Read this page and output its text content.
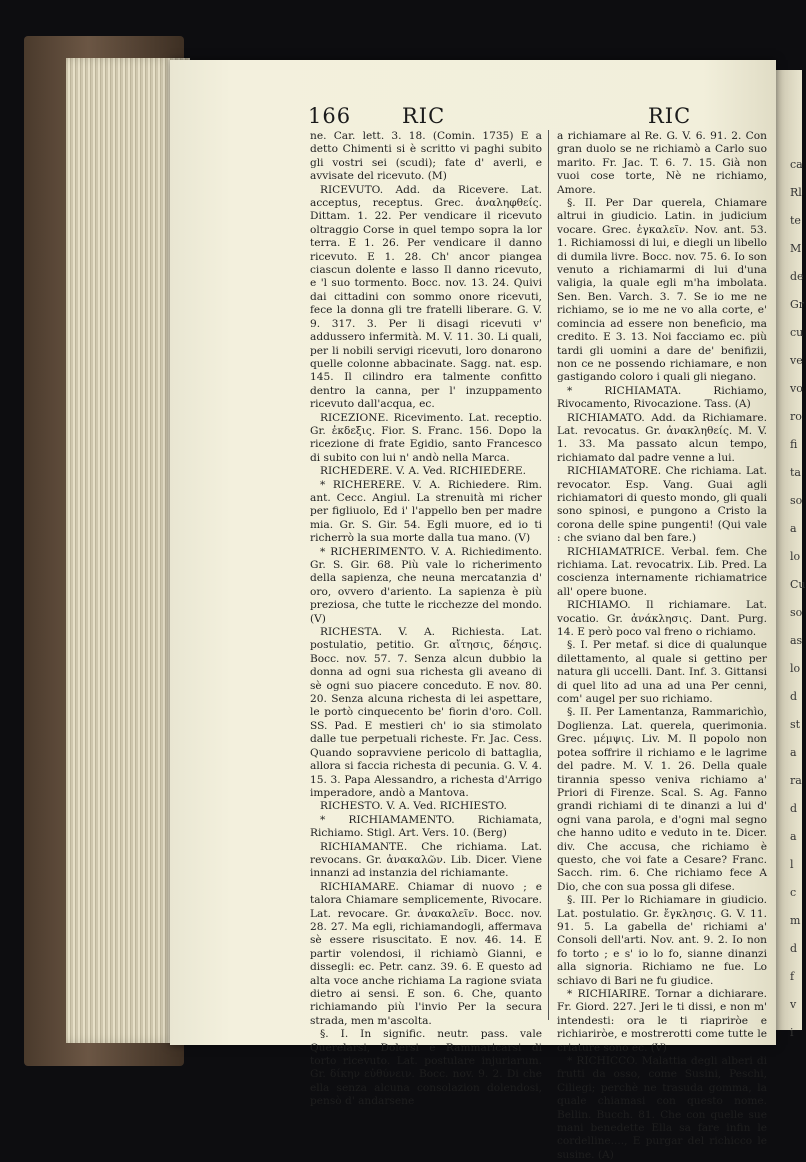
ca
Rl
te
M
de
Gr
cu
ve
vo
ro
fi
ta
so
a
lo
Cu
so
as
lo
d
st
a
ra
d
a
l
c
m
d
f
v
i
166 RIC	RIC

ne. Car. lett. 3. 18. (Comin. 1735) E a detto Chimenti si è scritto vi paghi subito gli vostri sei (scudi); fate d' averli, e avvisate del ricevuto. (M)

RICEVUTO. Add. da Ricevere. Lat. acceptus, receptus. Grec. ἀναληφθείς. Dittam. 1. 22. Per vendicare il ricevuto oltraggio Corse in quel tempo sopra la lor terra. E 1. 26. Per vendicare il danno ricevuto. E 1. 28. Ch' ancor piangea ciascun dolente e lasso Il danno ricevuto, e 'l suo tormento. Bocc. nov. 13. 24. Quivi dai cittadini con sommo onore ricevuti, fece la donna gli tre fratelli liberare. G. V. 9. 317. 3. Per li disagi ricevuti v' addussero infermità. M. V. 11. 30. Li quali, per li nobili servigi ricevuti, loro donarono quelle colonne abbacinate. Sagg. nat. esp. 145. Il cilindro era talmente confitto dentro la canna, per l' inzuppamento ricevuto dall'acqua, ec.

RICEZIONE. Ricevimento. Lat. receptio. Gr. ἐκδεξις. Fior. S. Franc. 156. Dopo la ricezione di frate Egidio, santo Francesco di subito con lui n' andò nella Marca.

RICHEDERE. V. A. Ved. RICHIEDERE.

* RICHERERE. V. A. Richiedere. Rim. ant. Cecc. Angiul. La strenuità mi richer per figliuolo, Ed i' l'appello ben per madre mia. Gr. S. Gir. 54. Egli muore, ed io ti richerrò la sua morte dalla tua mano. (V)

* RICHERIMENTO. V. A. Richiedimento. Gr. S. Gir. 68. Più vale lo richerimento della sapienza, che neuna mercatanzia d' oro, ovvero d'ariento. La sapienza è più preziosa, che tutte le ricchezze del mondo. (V)

RICHESTA. V. A. Richiesta. Lat. postulatio, petitio. Gr. αἴτησις, δέησις. Bocc. nov. 57. 7. Senza alcun dubbio la donna ad ogni sua richesta gli aveano di sè ogni suo piacere conceduto. E nov. 80. 20. Senza alcuna richesta di lei aspettare, le portò cinquecento be' fiorin d'oro. Coll. SS. Pad. E mestieri ch' io sia stimolato dalle tue perpetuali richeste. Fr. Jac. Cess. Quando sopravviene pericolo di battaglia, allora si faccia richesta di pecunia. G. V. 4. 15. 3. Papa Alessandro, a richesta d'Arrigo imperadore, andò a Mantova.

RICHESTO. V. A. Ved. RICHIESTO.

* RICHIAMAMENTO. Richiamata, Richiamo. Stigl. Art. Vers. 10. (Berg)

RICHIAMANTE. Che richiama. Lat. revocans. Gr. ἀνακαλῶν. Lib. Dicer. Viene innanzi ad instanzia del richiamante.

RICHIAMARE. Chiamar di nuovo ; e talora Chiamare semplicemente, Rivocare. Lat. revocare. Gr. ἀνακαλεῖν. Bocc. nov. 28. 27. Ma egli, richiamandogli, affermava sè essere risuscitato. E nov. 46. 14. E partir volendosi, il richiamò Gianni, e dissegli: ec. Petr. canz. 39. 6. E questo ad alta voce anche richiama La ragione sviata dietro ai sensi. E son. 6. Che, quanto richiamando più l'invio Per la secura strada, men m'ascolta.

§. I. In signific. neutr. pass. vale Querelarsi, Dolersi e Rammaricarsi di torto ricevuto. Lat. postulare injuriarum. Gr. δίκην εὐθύνειν. Bocc. nov. 9. 2. Di che ella senza alcuna consolazion dolendosi, pensò d' andarsene

a richiamare al Re. G. V. 6. 91. 2. Con gran duolo se ne richiamò a Carlo suo marito. Fr. Jac. T. 6. 7. 15. Già non vuoi cose torte, Nè ne richiamo, Amore.

§. II. Per Dar querela, Chiamare altrui in giudicio. Latin. in judicium vocare. Grec. ἐγκαλεῖν. Nov. ant. 53. 1. Richiamossi di lui, e diegli un libello di dumila livre. Bocc. nov. 75. 6. Io son venuto a richiamarmi di lui d'una valigia, la quale egli m'ha imbolata. Sen. Ben. Varch. 3. 7. Se io me ne richiamo, se io me ne vo alla corte, e' comincia ad essere non beneficio, ma credito. E 3. 13. Noi facciamo ec. più tardi gli uomini a dare de' benifizii, non ce ne possendo richiamare, e non gastigando coloro i quali gli niegano.

* RICHIAMATA. Richiamo, Rivocamento, Rivocazione. Tass. (A)

RICHIAMATO. Add. da Richiamare. Lat. revocatus. Gr. ἀνακληθείς. M. V. 1. 33. Ma passato alcun tempo, richiamato dal padre venne a lui.

RICHIAMATORE. Che richiama. Lat. revocator. Esp. Vang. Guai agli richiamatori di questo mondo, gli quali sono spinosi, e pungono a Cristo la corona delle spine pungenti! (Qui vale : che sviano dal ben fare.)

RICHIAMATRICE. Verbal. fem. Che richiama. Lat. revocatrix. Lib. Pred. La coscienza internamente richiamatrice all' opere buone.

RICHIAMO. Il richiamare. Lat. vocatio. Gr. ἀνάκλησις. Dant. Purg. 14. E però poco val freno o richiamo.

§. I. Per metaf. si dice di qualunque dilettamento, al quale si gettino per natura gli uccelli. Dant. Inf. 3. Gittansi di quel lito ad una ad una Per cenni, com' augel per suo richiamo.

§. II. Per Lamentanza, Rammarichìo, Doglienza. Lat. querela, querimonia. Grec. μέμψις. Liv. M. Il popolo non potea soffrire il richiamo e le lagrime del padre. M. V. 1. 26. Della quale tirannia spesso veniva richiamo a' Priori di Firenze. Scal. S. Ag. Fanno grandi richiami di te dinanzi a lui d' ogni vana parola, e d'ogni mal segno che hanno udito e veduto in te. Dicer. div. Che accusa, che richiamo è questo, che voi fate a Cesare? Franc. Sacch. rim. 6. Che richiamo fece A Dio, che con sua possa gli difese.

§. III. Per lo Richiamare in giudicio. Lat. postulatio. Gr. ἔγκλησις. G. V. 11. 91. 5. La gabella de' richiami a' Consoli dell'arti. Nov. ant. 9. 2. Io non fo torto ; e s' io lo fo, sianne dinanzi alla signoria. Richiamo ne fue. Lo schiavo di Bari ne fu giudice.

* RICHIARIRE. Tornar a dichiarare. Fr. Giord. 227. Jeri le ti dissi, e non m' intendesti: ora le ti riapriròe e richiariròe, e mostrerotti come tutte le criature sono ec. (V)

* RICHICCO. Malattia degli alberi di frutti da osso, come Susini, Peschi, Ciliegi; perchè ne trasuda gomma, la quale chiamasi con questo nome. Bellin. Bucch. 81. Che con quelle sue mani benedette Ella sa fare infin le cordelline...., E purgar del richicco le susine. (A)
